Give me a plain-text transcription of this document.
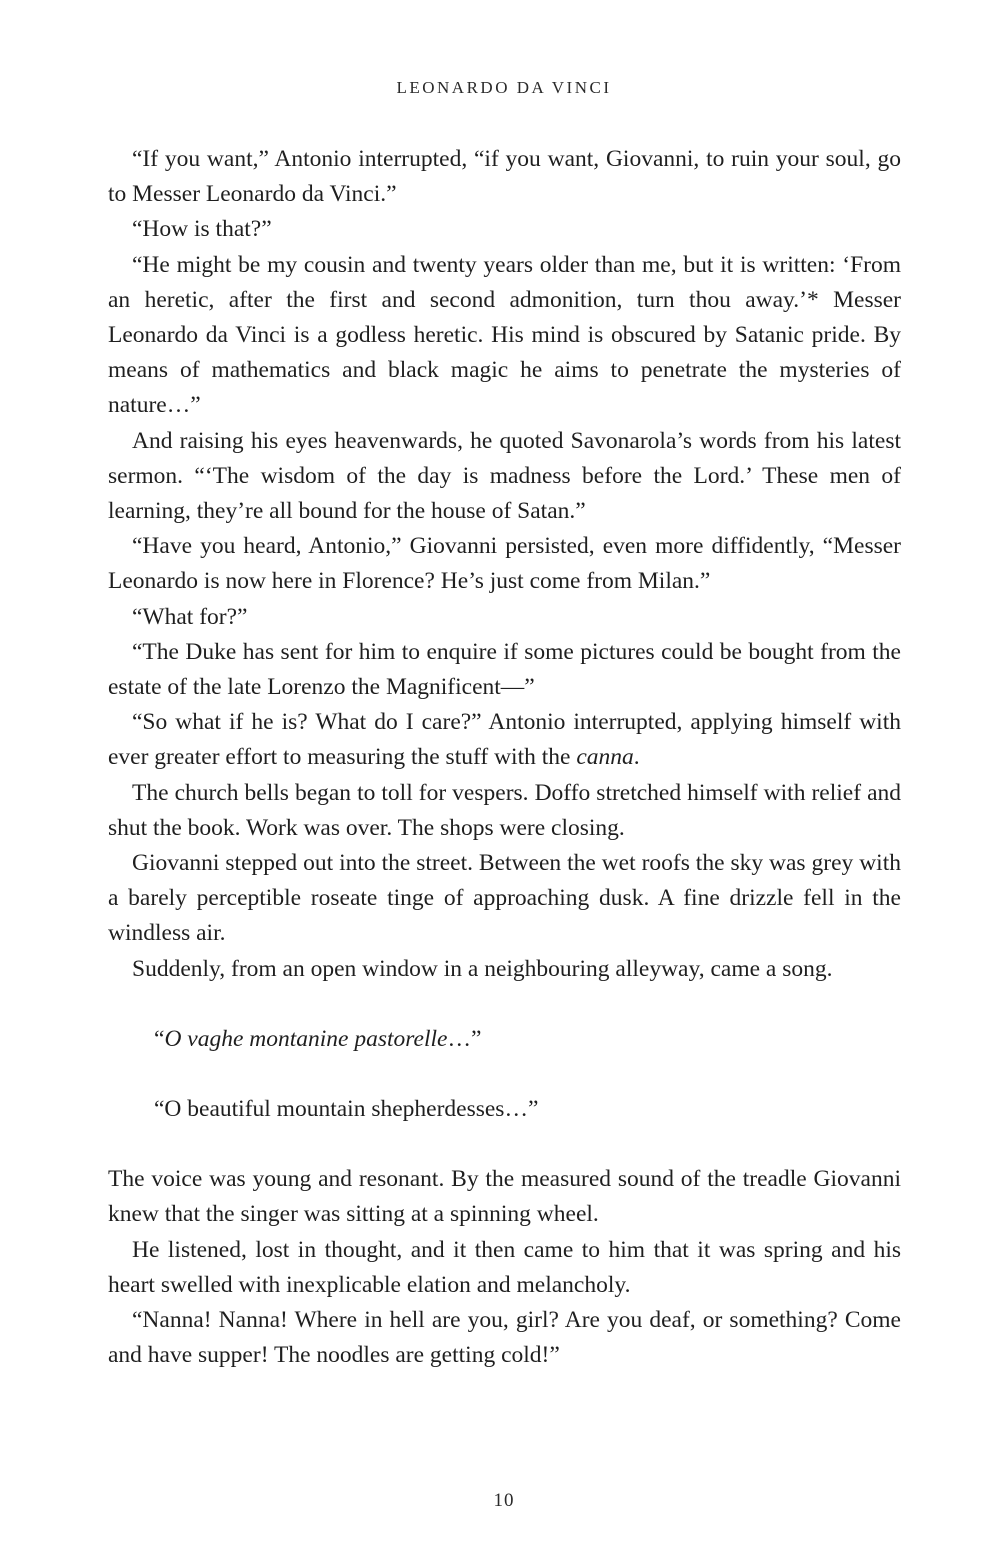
LEONARDO DA VINCI

“If you want,” Antonio interrupted, “if you want, Giovanni, to ruin your soul, go to Messer Leonardo da Vinci.”

“How is that?”

“He might be my cousin and twenty years older than me, but it is written: ‘From an heretic, after the first and second admonition, turn thou away.’* Messer Leonardo da Vinci is a godless heretic. His mind is obscured by Satanic pride. By means of mathematics and black magic he aims to penetrate the mysteries of nature…”

And raising his eyes heavenwards, he quoted Savonarola’s words from his latest sermon. “‘The wisdom of the day is madness before the Lord.’ These men of learning, they’re all bound for the house of Satan.”

“Have you heard, Antonio,” Giovanni persisted, even more diffidently, “Messer Leonardo is now here in Florence? He’s just come from Milan.”

“What for?”

“The Duke has sent for him to enquire if some pictures could be bought from the estate of the late Lorenzo the Magnificent—”

“So what if he is? What do I care?” Antonio interrupted, applying himself with ever greater effort to measuring the stuff with the canna.

The church bells began to toll for vespers. Doffo stretched himself with relief and shut the book. Work was over. The shops were closing.

Giovanni stepped out into the street. Between the wet roofs the sky was grey with a barely perceptible roseate tinge of approaching dusk. A fine drizzle fell in the windless air.

Suddenly, from an open window in a neighbouring alleyway, came a song.

“O vaghe montanine pastorelle…”

“O beautiful mountain shepherdesses…”

The voice was young and resonant. By the measured sound of the treadle Giovanni knew that the singer was sitting at a spinning wheel.

He listened, lost in thought, and it then came to him that it was spring and his heart swelled with inexplicable elation and melancholy.

“Nanna! Nanna! Where in hell are you, girl? Are you deaf, or something? Come and have supper! The noodles are getting cold!”

10
